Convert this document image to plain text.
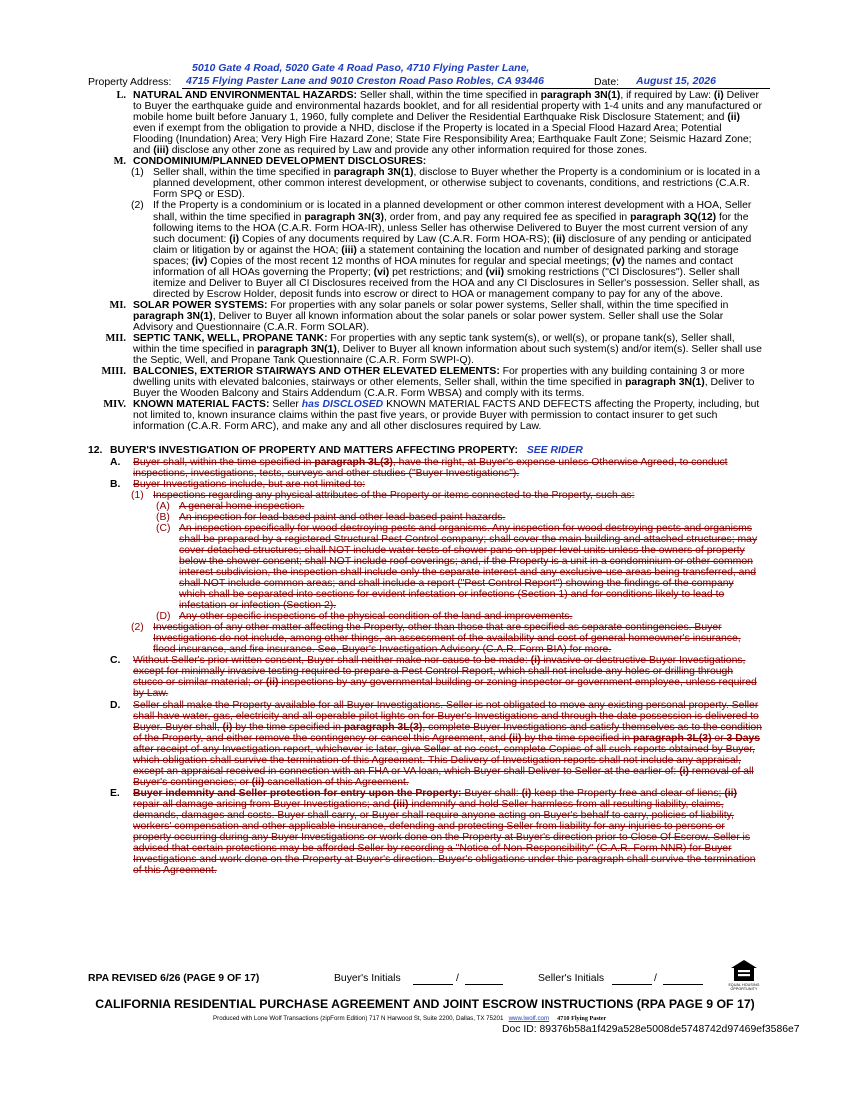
5010 Gate 4 Road, 5020 Gate 4 Road Paso, 4710 Flying Paster Lane,
Property Address:	4715 Flying Paster Lane and 9010 Creston Road Paso Robles, CA 93446	Date:	August 15, 2026
L. NATURAL AND ENVIRONMENTAL HAZARDS: Seller shall, within the time specified in paragraph 3N(1), if required by Law: (i) Deliver to Buyer the earthquake guide and environmental hazards booklet, and for all residential property with 1-4 units and any manufactured or mobile home built before January 1, 1960, fully complete and Deliver the Residential Earthquake Risk Disclosure Statement; and (ii) even if exempt from the obligation to provide a NHD, disclose if the Property is located in a Special Flood Hazard Area; Potential Flooding (Inundation) Area; Very High Fire Hazard Zone; State Fire Responsibility Area; Earthquake Fault Zone; Seismic Hazard Zone; and (iii) disclose any other zone as required by Law and provide any other information required for those zones.
M. CONDOMINIUM/PLANNED DEVELOPMENT DISCLOSURES:
(1) Seller shall, within the time specified in paragraph 3N(1), disclose to Buyer whether the Property is a condominium or is located in a planned development, other common interest development, or otherwise subject to covenants, conditions, and restrictions (C.A.R. Form SPQ or ESD).
(2) If the Property is a condominium or is located in a planned development or other common interest development with a HOA, Seller shall, within the time specified in paragraph 3N(3), order from, and pay any required fee as specified in paragraph 3Q(12) for the following items to the HOA (C.A.R. Form HOA-IR), unless Seller has otherwise Delivered to Buyer the most current version of any such document: (i) Copies of any documents required by Law (C.A.R. Form HOA-RS); (ii) disclosure of any pending or anticipated claim or litigation by or against the HOA; (iii) a statement containing the location and number of designated parking and storage spaces; (iv) Copies of the most recent 12 months of HOA minutes for regular and special meetings; (v) the names and contact information of all HOAs governing the Property; (vi) pet restrictions; and (vii) smoking restrictions ("CI Disclosures"). Seller shall itemize and Deliver to Buyer all CI Disclosures received from the HOA and any CI Disclosures in Seller's possession. Seller shall, as directed by Escrow Holder, deposit funds into escrow or direct to HOA or management company to pay for any of the above.
MI. SOLAR POWER SYSTEMS: For properties with any solar panels or solar power systems, Seller shall, within the time specified in paragraph 3N(1), Deliver to Buyer all known information about the solar panels or solar power system. Seller shall use the Solar Advisory and Questionnaire (C.A.R. Form SOLAR).
MII. SEPTIC TANK, WELL, PROPANE TANK: For properties with any septic tank system(s), or well(s), or propane tank(s), Seller shall, within the time specified in paragraph 3N(1), Deliver to Buyer all known information about such system(s) and/or item(s). Seller shall use the Septic, Well, and Propane Tank Questionnaire (C.A.R. Form SWPI-Q).
MIII. BALCONIES, EXTERIOR STAIRWAYS AND OTHER ELEVATED ELEMENTS: For properties with any building containing 3 or more dwelling units with elevated balconies, stairways or other elements, Seller shall, within the time specified in paragraph 3N(1), Deliver to Buyer the Wooden Balcony and Stairs Addendum (C.A.R. Form WBSA) and comply with its terms.
MIV. KNOWN MATERIAL FACTS: Seller has DISCLOSED KNOWN MATERIAL FACTS AND DEFECTS affecting the Property, including, but not limited to, known insurance claims within the past five years, or provide Buyer with permission to contact insurer to get such information (C.A.R. Form ARC), and make any and all other disclosures required by Law.
12. BUYER'S INVESTIGATION OF PROPERTY AND MATTERS AFFECTING PROPERTY: SEE RIDER
A. Buyer shall, within the time specified in paragraph 3L(3), have the right, at Buyer's expense unless Otherwise Agreed, to conduct inspections, investigations, tests, surveys and other studies ("Buyer Investigations").
B. Buyer Investigations include, but are not limited to:
(1) Inspections regarding any physical attributes of the Property or items connected to the Property, such as:
(A) A general home inspection.
(B) An inspection for lead-based paint and other lead-based paint hazards.
(C) An inspection specifically for wood destroying pests and organisms. Any inspection for wood destroying pests and organisms shall be prepared by a registered Structural Pest Control company; shall cover the main building and attached structures; may cover detached structures; shall NOT include water tests of shower pans on upper level units unless the owners of property below the shower consent; shall NOT include roof coverings; and, if the Property is a unit in a condominium or other common interest subdivision, the inspection shall include only the separate interest and any exclusive-use areas being transferred, and shall NOT include common areas; and shall include a report ("Pest Control Report") showing the findings of the company which shall be separated into sections for evident infestation or infections (Section 1) and for conditions likely to lead to infestation or infection (Section 2).
(D) Any other specific inspections of the physical condition of the land and improvements.
(2) Investigation of any other matter affecting the Property, other than those that are specified as separate contingencies. Buyer Investigations do not include, among other things, an assessment of the availability and cost of general homeowner's insurance, flood insurance, and fire insurance. See, Buyer's Investigation Advisory (C.A.R. Form BIA) for more.
C. Without Seller's prior written consent, Buyer shall neither make nor cause to be made: (i) invasive or destructive Buyer Investigations, except for minimally invasive testing required to prepare a Pest Control Report, which shall not include any holes or drilling through stucco or similar material; or (ii) inspections by any governmental building or zoning inspector or government employee, unless required by Law.
D. Seller shall make the Property available for all Buyer Investigations. Seller is not obligated to move any existing personal property. Seller shall have water, gas, electricity and all operable pilot lights on for Buyer's Investigations and through the date possession is delivered to Buyer. Buyer shall, (i) by the time specified in paragraph 3L(3), complete Buyer Investigations and satisfy themselves as to the condition of the Property, and either remove the contingency or cancel this Agreement, and (ii) by the time specified in paragraph 3L(3) or 3 Days after receipt of any Investigation report, whichever is later, give Seller at no cost, complete Copies of all such reports obtained by Buyer, which obligation shall survive the termination of this Agreement. This Delivery of Investigation reports shall not include any appraisal, except an appraisal received in connection with an FHA or VA loan, which Buyer shall Deliver to Seller at the earlier of: (i) removal of all Buyer's contingencies; or (ii) cancellation of this Agreement.
E. Buyer indemnity and Seller protection for entry upon the Property: Buyer shall: (i) keep the Property free and clear of liens; (ii) repair all damage arising from Buyer Investigations; and (iii) indemnify and hold Seller harmless from all resulting liability, claims, demands, damages and costs. Buyer shall carry, or Buyer shall require anyone acting on Buyer's behalf to carry, policies of liability, workers' compensation and other applicable insurance, defending and protecting Seller from liability for any injuries to persons or property occurring during any Buyer Investigations or work done on the Property at Buyer's direction prior to Close Of Escrow. Seller is advised that certain protections may be afforded Seller by recording a "Notice of Non-Responsibility" (C.A.R. Form NNR) for Buyer Investigations and work done on the Property at Buyer's direction. Buyer's obligations under this paragraph shall survive the termination of this Agreement.
RPA REVISED 6/26 (PAGE 9 OF 17)	Buyer's Initials	/	Seller's Initials	/
EQUAL HOUSING OPPORTUNITY
CALIFORNIA RESIDENTIAL PURCHASE AGREEMENT AND JOINT ESCROW INSTRUCTIONS (RPA PAGE 9 OF 17)
Produced with Lone Wolf Transactions (zipForm Edition) 717 N Harwood St, Suite 2200, Dallas, TX 75201 www.lwolf.com 4710 Flying Paster
Doc ID: 89376b58a1f429a528e5008de5748742d97469ef3586e7
